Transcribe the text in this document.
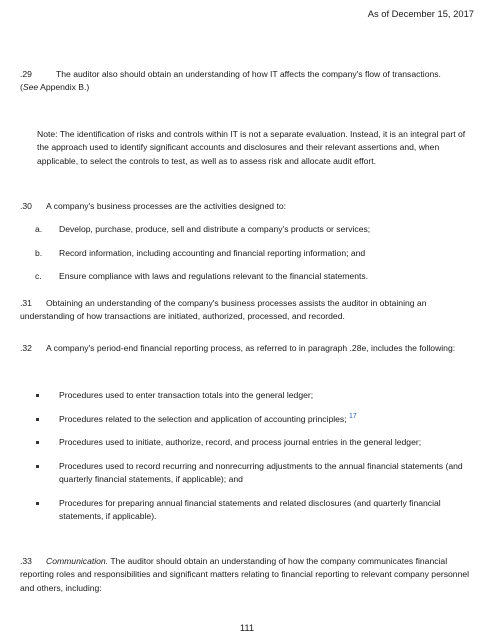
As of December 15, 2017
.29	The auditor also should obtain an understanding of how IT affects the company's flow of transactions.
(See Appendix B.)
Note: The identification of risks and controls within IT is not a separate evaluation. Instead, it is an integral part of the approach used to identify significant accounts and disclosures and their relevant assertions and, when applicable, to select the controls to test, as well as to assess risk and allocate audit effort.
.30 A company's business processes are the activities designed to:
a. Develop, purchase, produce, sell and distribute a company's products or services;
b. Record information, including accounting and financial reporting information; and
c. Ensure compliance with laws and regulations relevant to the financial statements.
.31 Obtaining an understanding of the company's business processes assists the auditor in obtaining an understanding of how transactions are initiated, authorized, processed, and recorded.
.32 A company's period-end financial reporting process, as referred to in paragraph .28e, includes the following:
Procedures used to enter transaction totals into the general ledger;
Procedures related to the selection and application of accounting principles; $^{17}$
Procedures used to initiate, authorize, record, and process journal entries in the general ledger;
Procedures used to record recurring and nonrecurring adjustments to the annual financial statements (and quarterly financial statements, if applicable); and
Procedures for preparing annual financial statements and related disclosures (and quarterly financial statements, if applicable).
.33 Communication. The auditor should obtain an understanding of how the company communicates financial reporting roles and responsibilities and significant matters relating to financial reporting to relevant company personnel and others, including:
111
